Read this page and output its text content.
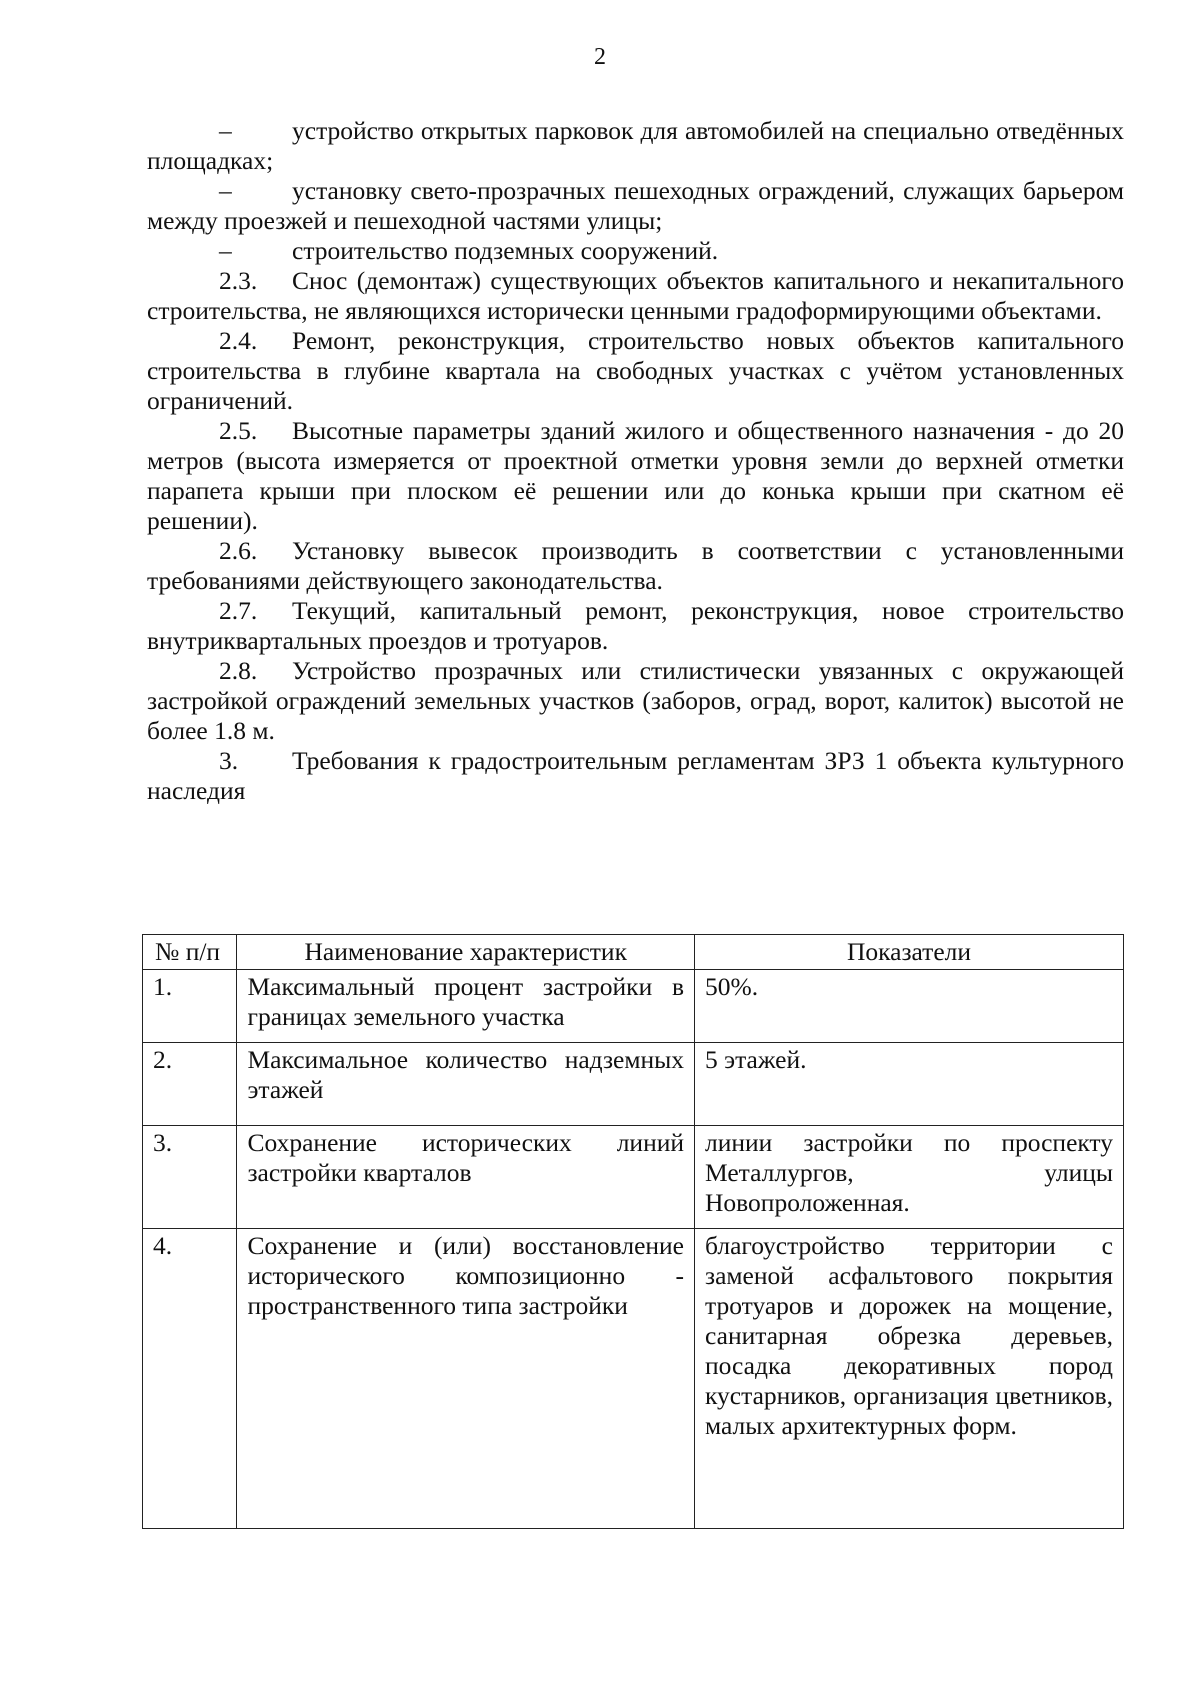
2

– устройство открытых парковок для автомобилей на специально отведённых площадках;

– установку свето-прозрачных пешеходных ограждений, служащих барьером между проезжей и пешеходной частями улицы;

– строительство подземных сооружений.

2.3. Снос (демонтаж) существующих объектов капитального и некапитального строительства, не являющихся исторически ценными градоформирующими объектами.

2.4. Ремонт, реконструкция, строительство новых объектов капитального строительства в глубине квартала на свободных участках с учётом установленных ограничений.

2.5. Высотные параметры зданий жилого и общественного назначения - до 20 метров (высота измеряется от проектной отметки уровня земли до верхней отметки парапета крыши при плоском её решении или до конька крыши при скатном её решении).

2.6. Установку вывесок производить в соответствии с установленными требованиями действующего законодательства.

2.7. Текущий, капитальный ремонт, реконструкция, новое строительство внутриквартальных проездов и тротуаров.

2.8. Устройство прозрачных или стилистически увязанных с окружающей застройкой ограждений земельных участков (заборов, оград, ворот, калиток) высотой не более 1.8 м.

3. Требования к градостроительным регламентам ЗРЗ 1 объекта культурного наследия

№ п/п	Наименование характеристик	Показатели
1.	Максимальный процент застройки в границах земельного участка	50%.
2.	Максимальное количество надземных этажей	5 этажей.
3.	Сохранение исторических линий застройки кварталов	линии застройки по проспекту Металлургов, улицы Новопроложенная.
4.	Сохранение и (или) восстановление исторического композиционно - пространственного типа застройки	благоустройство территории с заменой асфальтового покрытия тротуаров и дорожек на мощение, санитарная обрезка деревьев, посадка декоративных пород кустарников, организация цветников, малых архитектурных форм.
